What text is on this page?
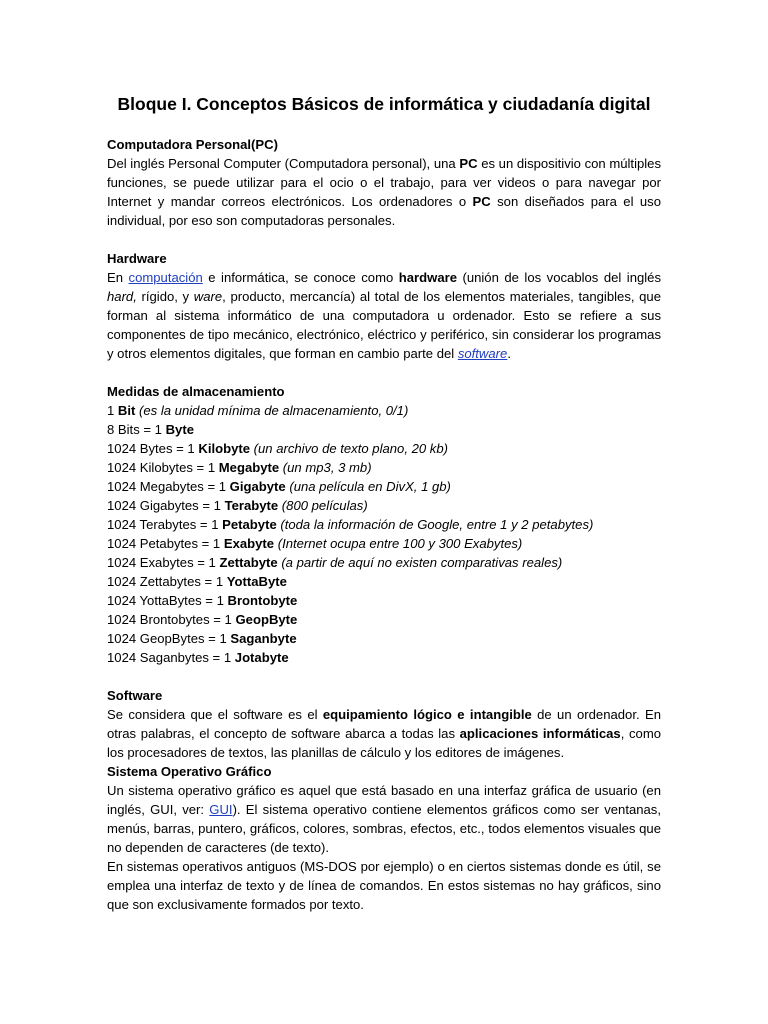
Bloque I. Conceptos Básicos de informática y ciudadanía digital

Computadora Personal(PC)

Del inglés Personal Computer (Computadora personal), una PC es un dispositivio con múltiples funciones, se puede utilizar para el ocio o el trabajo, para ver videos o para navegar por Internet y mandar correos electrónicos. Los ordenadores o PC son diseñados para el uso individual, por eso son computadoras personales.

Hardware

En computación e informática, se conoce como hardware (unión de los vocablos del inglés hard, rígido, y ware, producto, mercancía) al total de los elementos materiales, tangibles, que forman al sistema informático de una computadora u ordenador. Esto se refiere a sus componentes de tipo mecánico, electrónico, eléctrico y periférico, sin considerar los programas y otros elementos digitales, que forman en cambio parte del software.

Medidas de almacenamiento

1 Bit (es la unidad mínima de almacenamiento, 0/1)

8 Bits = 1 Byte

1024 Bytes = 1 Kilobyte (un archivo de texto plano, 20 kb)

1024 Kilobytes = 1 Megabyte (un mp3, 3 mb)

1024 Megabytes = 1 Gigabyte (una película en DivX, 1 gb)

1024 Gigabytes = 1 Terabyte (800 películas)

1024 Terabytes = 1 Petabyte (toda la información de Google, entre 1 y 2 petabytes)

1024 Petabytes = 1 Exabyte (Internet ocupa entre 100 y 300 Exabytes)

1024 Exabytes = 1 Zettabyte (a partir de aquí no existen comparativas reales)

1024 Zettabytes = 1 YottaByte

1024 YottaBytes = 1 Brontobyte

1024 Brontobytes = 1 GeopByte

1024 GeopBytes = 1 Saganbyte

1024 Saganbytes = 1 Jotabyte

Software

Se considera que el software es el equipamiento lógico e intangible de un ordenador. En otras palabras, el concepto de software abarca a todas las aplicaciones informáticas, como los procesadores de textos, las planillas de cálculo y los editores de imágenes.

Sistema Operativo Gráfico

Un sistema operativo gráfico es aquel que está basado en una interfaz gráfica de usuario (en inglés, GUI, ver: GUI). El sistema operativo contiene elementos gráficos como ser ventanas, menús, barras, puntero, gráficos, colores, sombras, efectos, etc., todos elementos visuales que no dependen de caracteres (de texto).

En sistemas operativos antiguos (MS-DOS por ejemplo) o en ciertos sistemas donde es útil, se emplea una interfaz de texto y de línea de comandos. En estos sistemas no hay gráficos, sino que son exclusivamente formados por texto.
